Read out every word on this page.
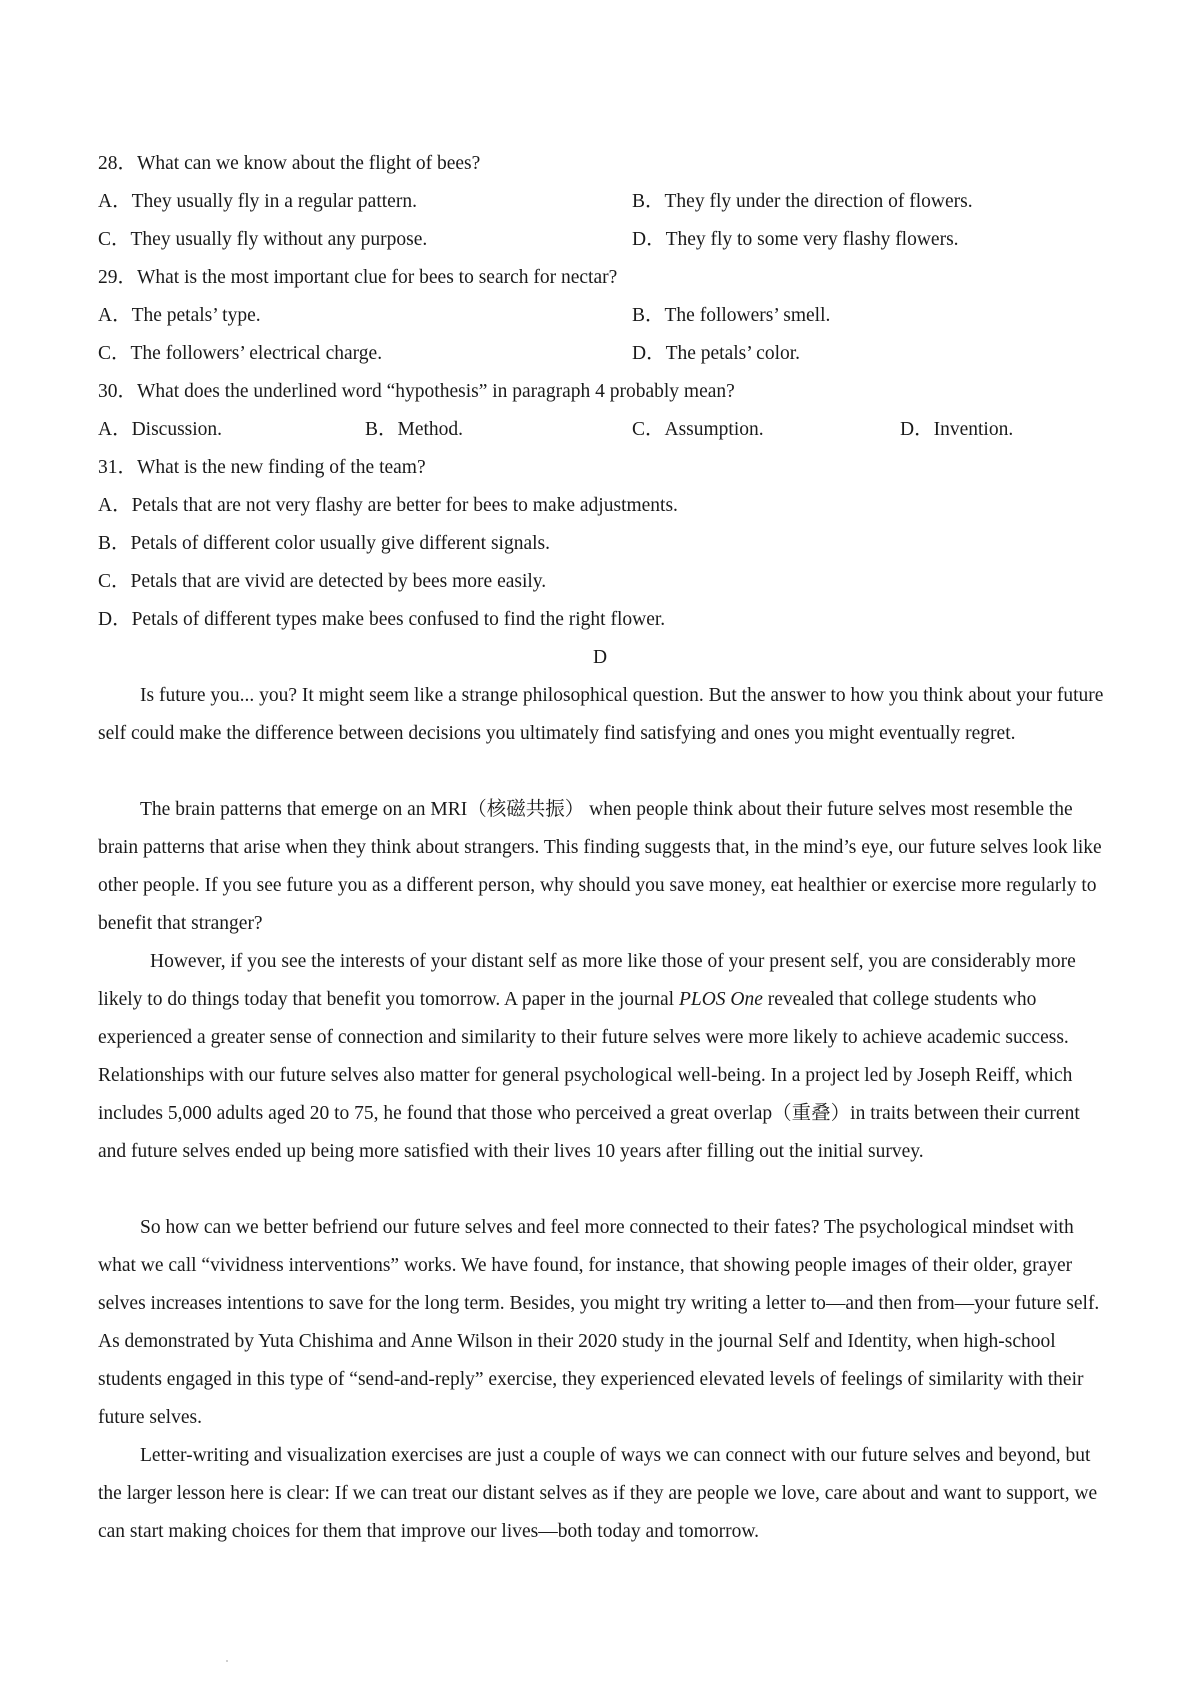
28．What can we know about the flight of bees?
A．They usually fly in a regular pattern.	B．They fly under the direction of flowers.
C．They usually fly without any purpose.	D．They fly to some very flashy flowers.
29．What is the most important clue for bees to search for nectar?
A．The petals’ type.	B．The followers’ smell.
C．The followers’ electrical charge.	D．The petals’ color.
30．What does the underlined word “hypothesis” in paragraph 4 probably mean?
A．Discussion.	B．Method.	C．Assumption.	D．Invention.
31．What is the new finding of the team?
A．Petals that are not very flashy are better for bees to make adjustments.
B．Petals of different color usually give different signals.
C．Petals that are vivid are detected by bees more easily.
D．Petals of different types make bees confused to find the right flower.
D

Is future you... you? It might seem like a strange philosophical question. But the answer to how you think about your future self could make the difference between decisions you ultimately find satisfying and ones you might eventually regret.

The brain patterns that emerge on an MRI（核磁共振） when people think about their future selves most resemble the brain patterns that arise when they think about strangers. This finding suggests that, in the mind’s eye, our future selves look like other people. If you see future you as a different person, why should you save money, eat healthier or exercise more regularly to benefit that stranger?

However, if you see the interests of your distant self as more like those of your present self, you are considerably more likely to do things today that benefit you tomorrow. A paper in the journal PLOS One revealed that college students who experienced a greater sense of connection and similarity to their future selves were more likely to achieve academic success. Relationships with our future selves also matter for general psychological well-being. In a project led by Joseph Reiff, which includes 5,000 adults aged 20 to 75, he found that those who perceived a great overlap（重叠）in traits between their current and future selves ended up being more satisfied with their lives 10 years after filling out the initial survey.

So how can we better befriend our future selves and feel more connected to their fates? The psychological mindset with what we call “vividness interventions” works. We have found, for instance, that showing people images of their older, grayer selves increases intentions to save for the long term. Besides, you might try writing a letter to—and then from—your future self. As demonstrated by Yuta Chishima and Anne Wilson in their 2020 study in the journal Self and Identity, when high-school students engaged in this type of “send-and-reply” exercise, they experienced elevated levels of feelings of similarity with their future selves.

Letter-writing and visualization exercises are just a couple of ways we can connect with our future selves and beyond, but the larger lesson here is clear: If we can treat our distant selves as if they are people we love, care about and want to support, we can start making choices for them that improve our lives—both today and tomorrow.
